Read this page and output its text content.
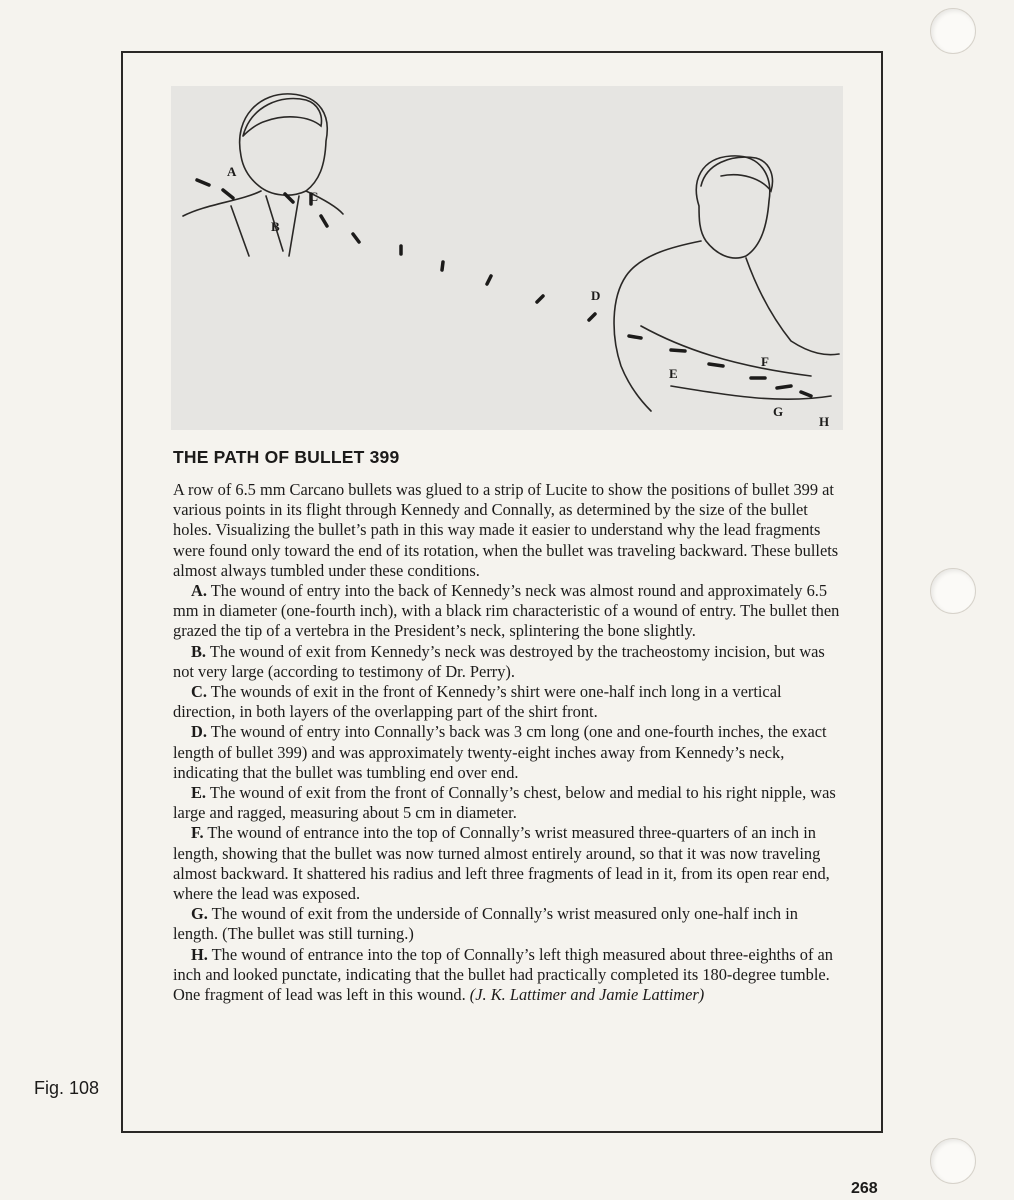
A
B
C
D
E
F
G
H
THE PATH OF BULLET 399

A row of 6.5 mm Carcano bullets was glued to a strip of Lucite to show the positions of bullet 399 at various points in its flight through Kennedy and Connally, as determined by the size of the bullet holes. Visualizing the bullet’s path in this way made it easier to understand why the lead fragments were found only toward the end of its rotation, when the bullet was traveling backward. These bullets almost always tumbled under these conditions.

A. The wound of entry into the back of Kennedy’s neck was almost round and approximately 6.5 mm in diameter (one-fourth inch), with a black rim characteristic of a wound of entry. The bullet then grazed the tip of a vertebra in the President’s neck, splintering the bone slightly.

B. The wound of exit from Kennedy’s neck was destroyed by the tracheostomy incision, but was not very large (according to testimony of Dr. Perry).

C. The wounds of exit in the front of Kennedy’s shirt were one-half inch long in a vertical direction, in both layers of the overlapping part of the shirt front.

D. The wound of entry into Connally’s back was 3 cm long (one and one-fourth inches, the exact length of bullet 399) and was approximately twenty-eight inches away from Kennedy’s neck, indicating that the bullet was tumbling end over end.

E. The wound of exit from the front of Connally’s chest, below and medial to his right nipple, was large and ragged, measuring about 5 cm in diameter.

F. The wound of entrance into the top of Connally’s wrist measured three-quarters of an inch in length, showing that the bullet was now turned almost entirely around, so that it was now traveling almost backward. It shattered his radius and left three fragments of lead in it, from its open rear end, where the lead was exposed.

G. The wound of exit from the underside of Connally’s wrist measured only one-half inch in length. (The bullet was still turning.)

H. The wound of entrance into the top of Connally’s left thigh measured about three-eighths of an inch and looked punctate, indicating that the bullet had practically completed its 180-degree tumble. One fragment of lead was left in this wound. (J. K. Lattimer and Jamie Lattimer)

Fig. 108
268
